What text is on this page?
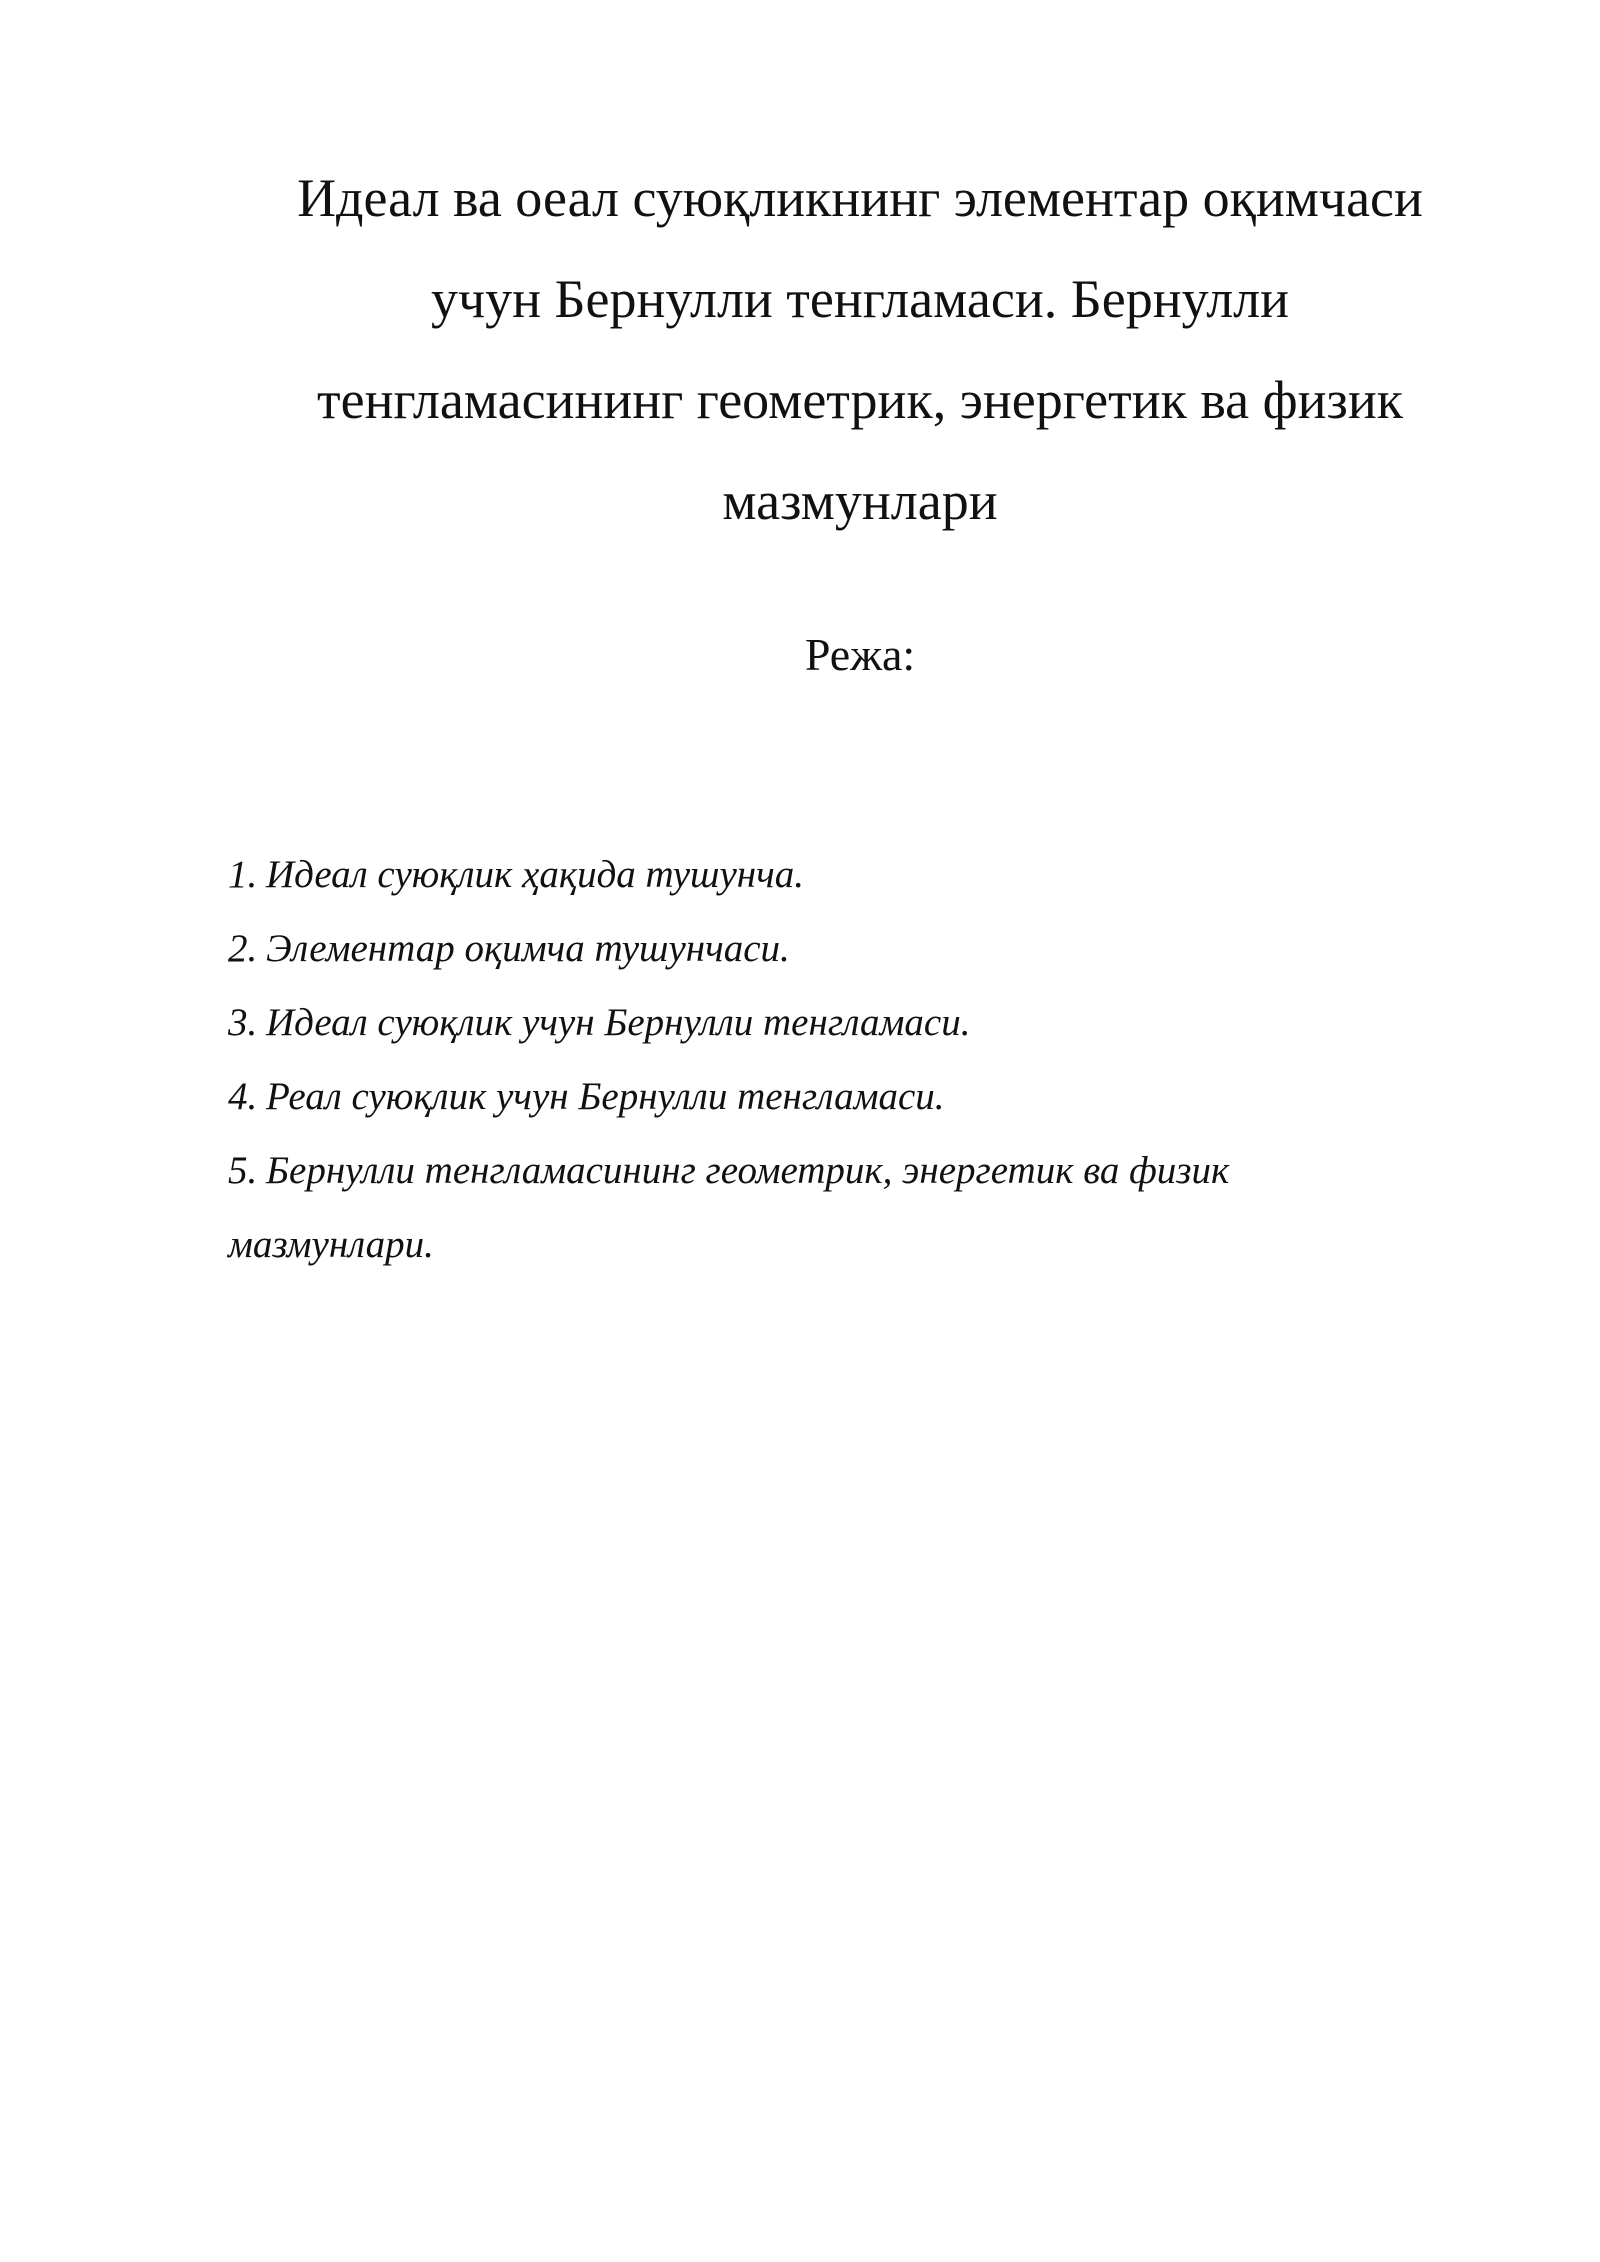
Идеал ва оеал суюқликнинг элементар оқимчаси
учун Бернулли тенгламаси. Бернулли
тенгламасининг геометрик, энергетик ва физик
мазмунлари
Режа:
1. Идеал суюқлик ҳақида тушунча.
2. Элементар оқимча тушунчаси.
3. Идеал суюқлик учун Бернулли тенгламаси.
4. Реал суюқлик учун Бернулли тенгламаси.
5. Бернулли тенгламасининг геометрик, энергетик ва физик
мазмунлари.
